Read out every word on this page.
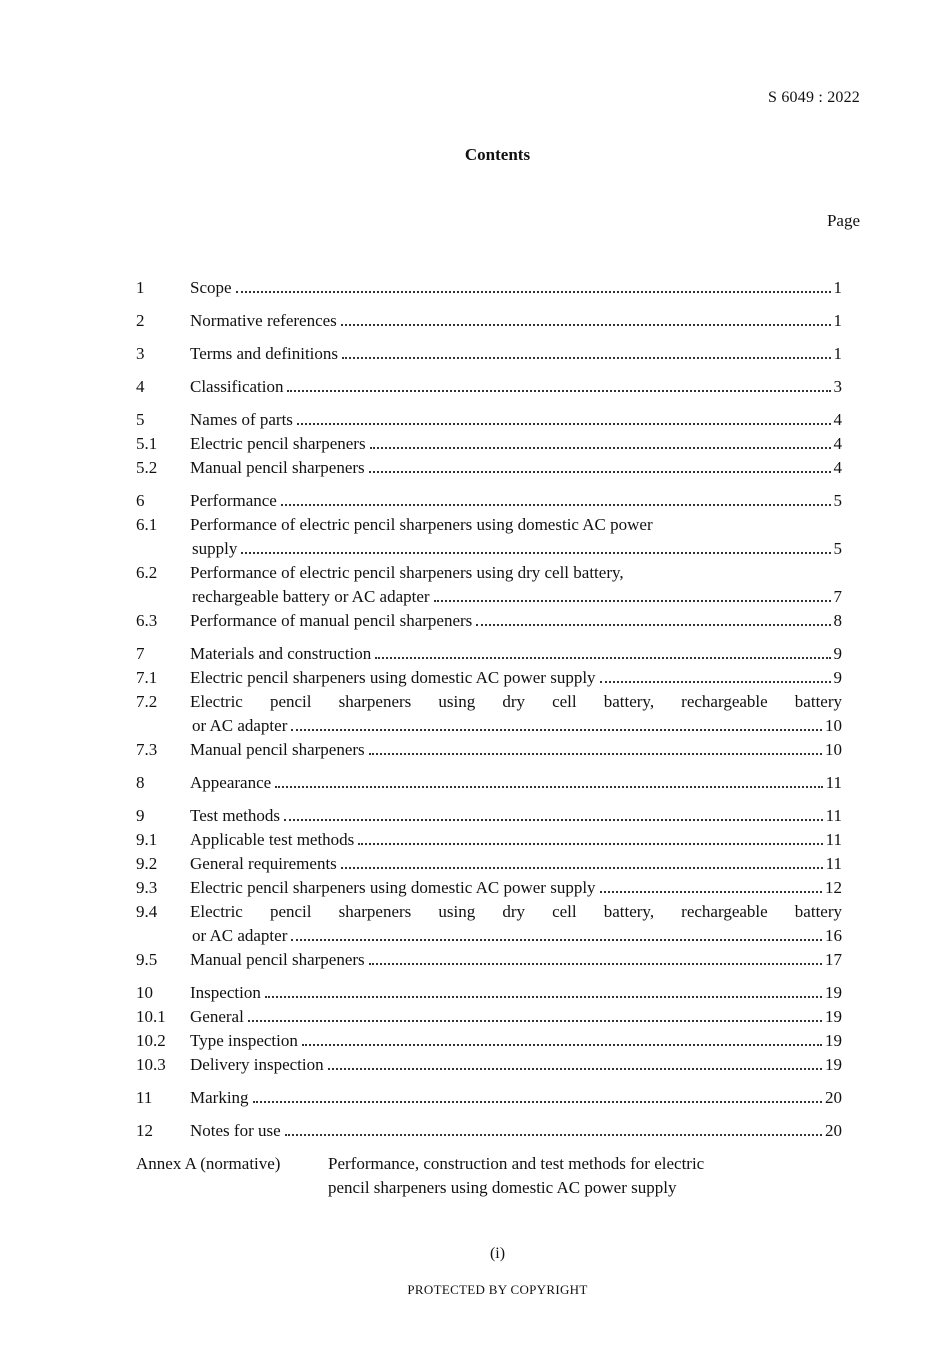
S 6049 : 2022
Contents
Page
1	Scope	1
2	Normative references	1
3	Terms and definitions	1
4	Classification	3
5	Names of parts	4
5.1 Electric pencil sharpeners	4
5.2 Manual pencil sharpeners	4
6	Performance	5
6.1 Performance of electric pencil sharpeners using domestic AC power
supply	5
6.2 Performance of electric pencil sharpeners using dry cell battery,
rechargeable battery or AC adapter	7
6.3 Performance of manual pencil sharpeners	8
7	Materials and construction	9
7.1 Electric pencil sharpeners using domestic AC power supply	9
7.2 Electric pencil sharpeners using dry cell battery, rechargeable battery
or AC adapter	10
7.3 Manual pencil sharpeners	10
8	Appearance	11
9	Test methods	11
9.1 Applicable test methods	11
9.2 General requirements	11
9.3 Electric pencil sharpeners using domestic AC power supply	12
9.4 Electric pencil sharpeners using dry cell battery, rechargeable battery
or AC adapter	16
9.5 Manual pencil sharpeners	17
10 Inspection	19
10.1 General	19
10.2 Type inspection	19
10.3 Delivery inspection	19
11 Marking	20
12 Notes for use	20
Annex A (normative)	Performance, construction and test methods for electric
pencil sharpeners using domestic AC power supply
(i)
PROTECTED BY COPYRIGHT
